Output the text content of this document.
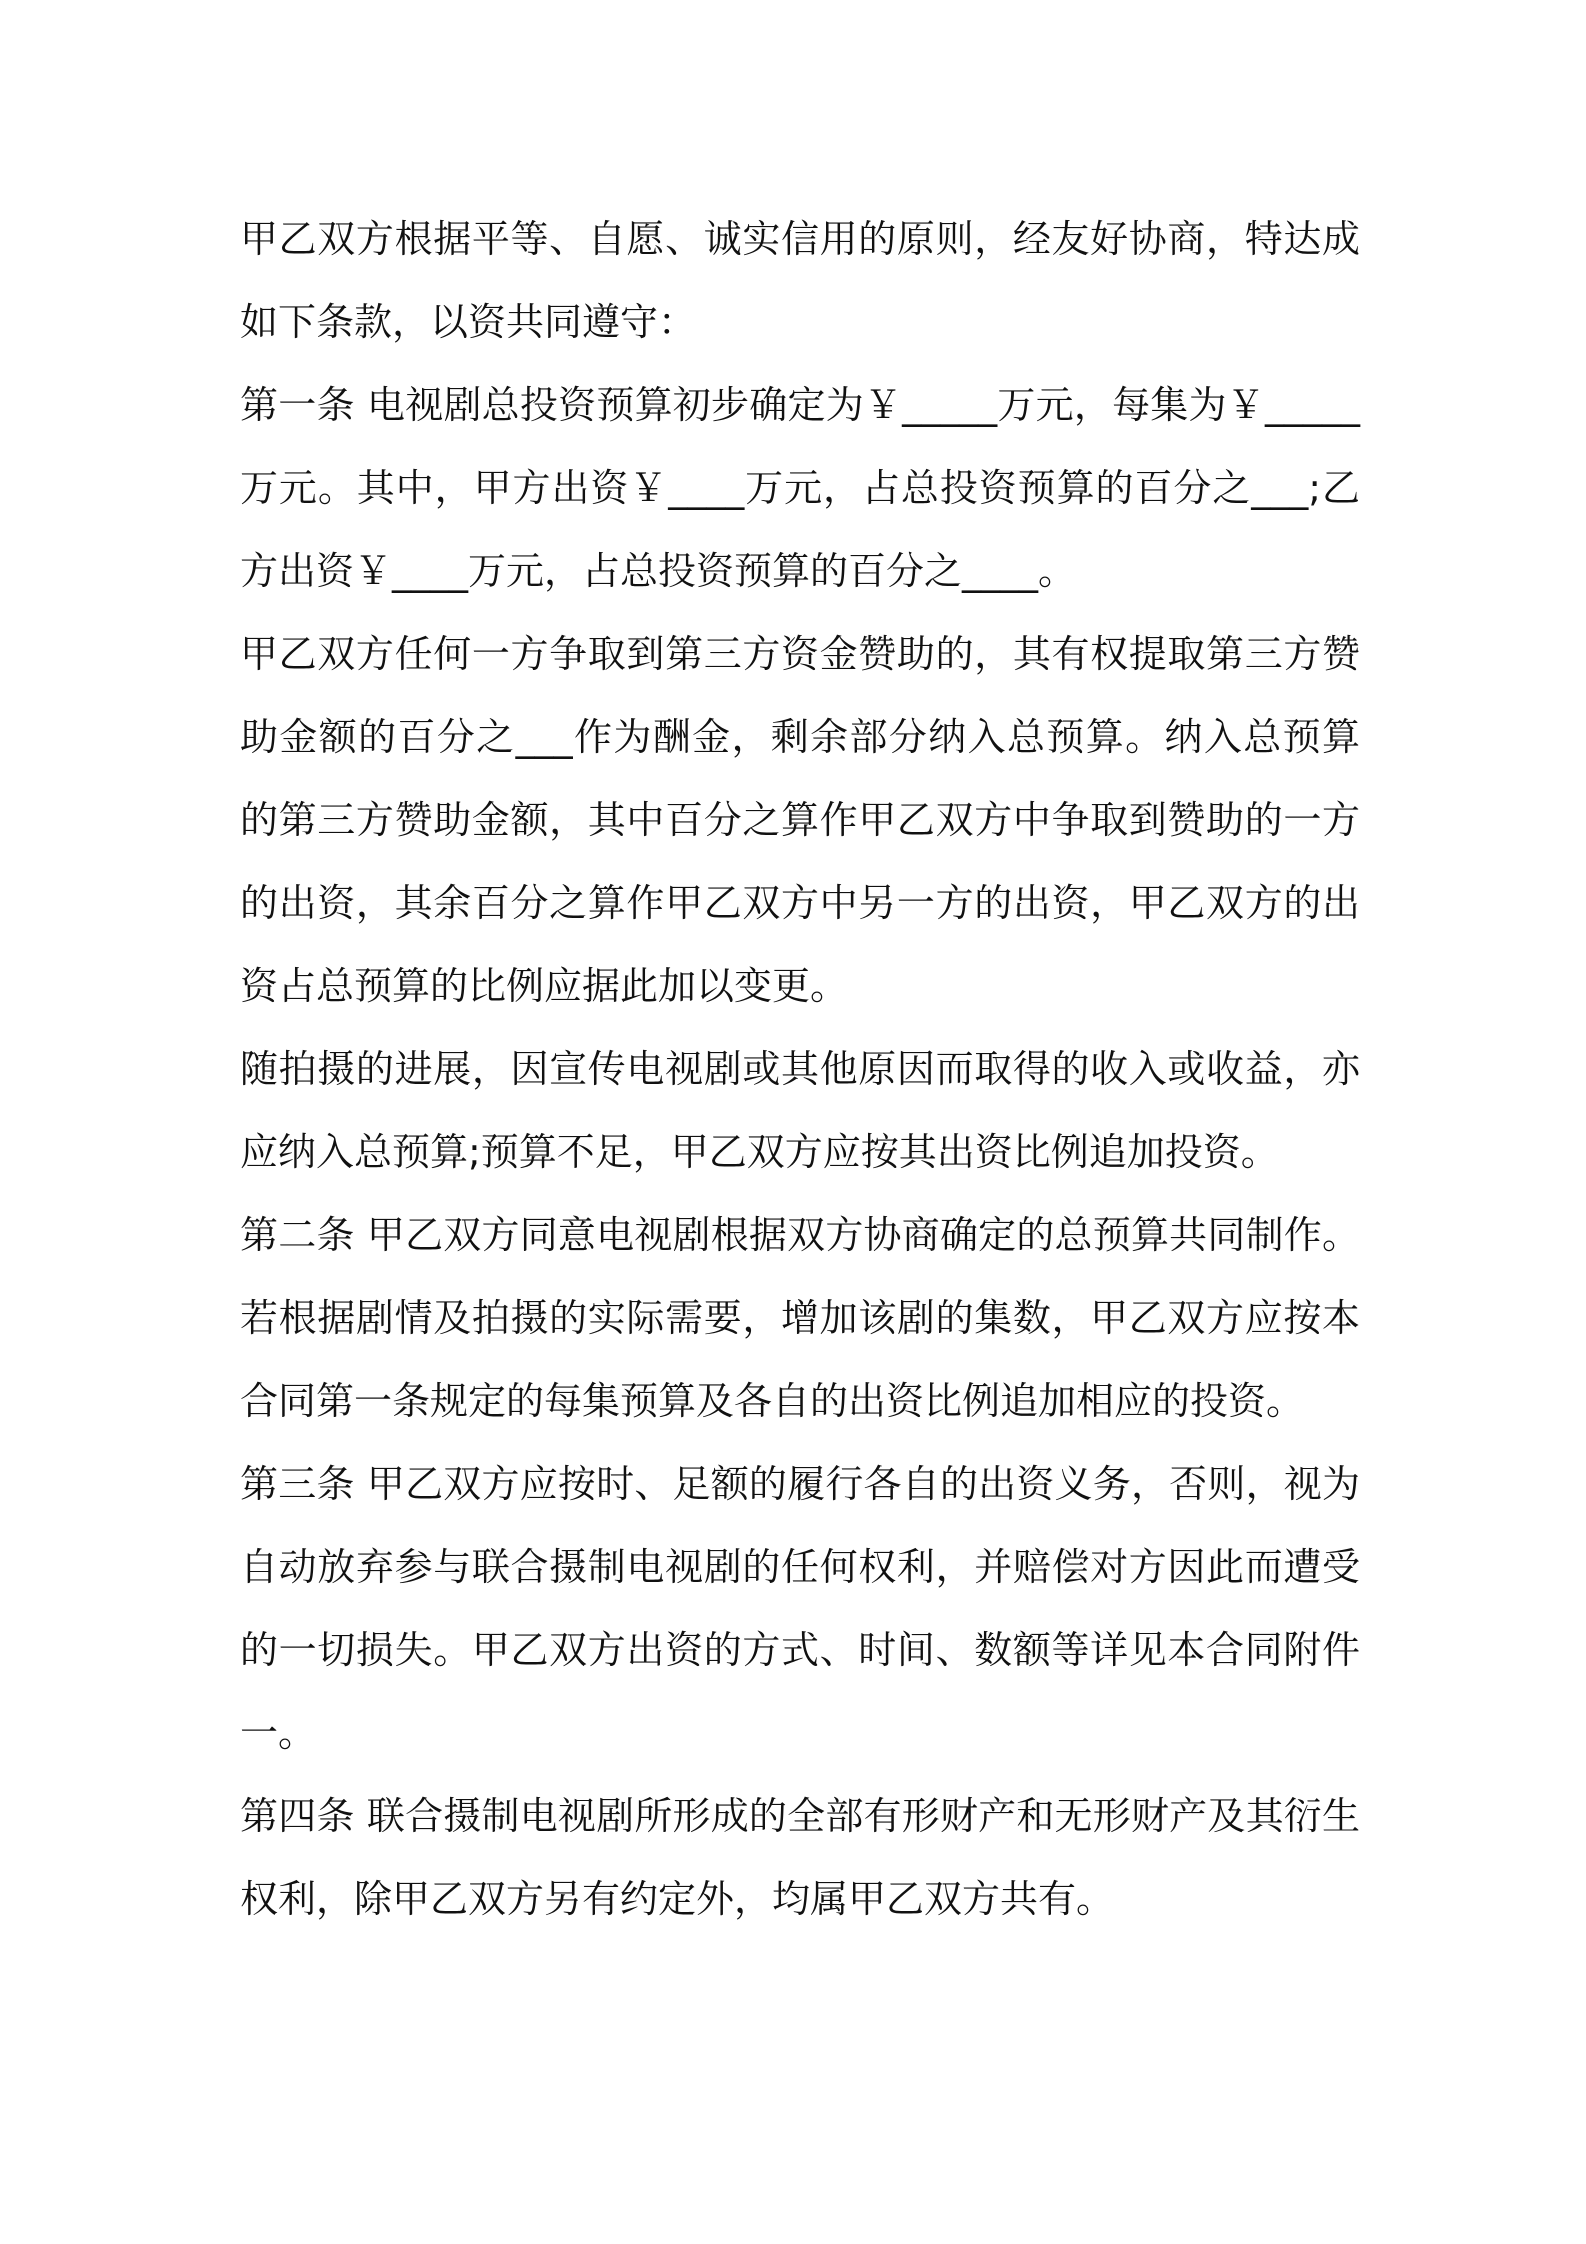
甲乙双方根据平等、自愿、诚实信用的原则，经友好协商，特达成如下条款，以资共同遵守：

第一条 电视剧总投资预算初步确定为￥_____万元，每集为￥_____万元。其中，甲方出资￥____万元，占总投资预算的百分之___;乙方出资￥____万元，占总投资预算的百分之____。

甲乙双方任何一方争取到第三方资金赞助的，其有权提取第三方赞助金额的百分之___作为酬金，剩余部分纳入总预算。纳入总预算的第三方赞助金额，其中百分之算作甲乙双方中争取到赞助的一方的出资，其余百分之算作甲乙双方中另一方的出资，甲乙双方的出资占总预算的比例应据此加以变更。

随拍摄的进展，因宣传电视剧或其他原因而取得的收入或收益，亦应纳入总预算;预算不足，甲乙双方应按其出资比例追加投资。

第二条 甲乙双方同意电视剧根据双方协商确定的总预算共同制作。若根据剧情及拍摄的实际需要，增加该剧的集数，甲乙双方应按本合同第一条规定的每集预算及各自的出资比例追加相应的投资。

第三条 甲乙双方应按时、足额的履行各自的出资义务，否则，视为自动放弃参与联合摄制电视剧的任何权利，并赔偿对方因此而遭受的一切损失。甲乙双方出资的方式、时间、数额等详见本合同附件一。

第四条 联合摄制电视剧所形成的全部有形财产和无形财产及其衍生权利，除甲乙双方另有约定外，均属甲乙双方共有。
